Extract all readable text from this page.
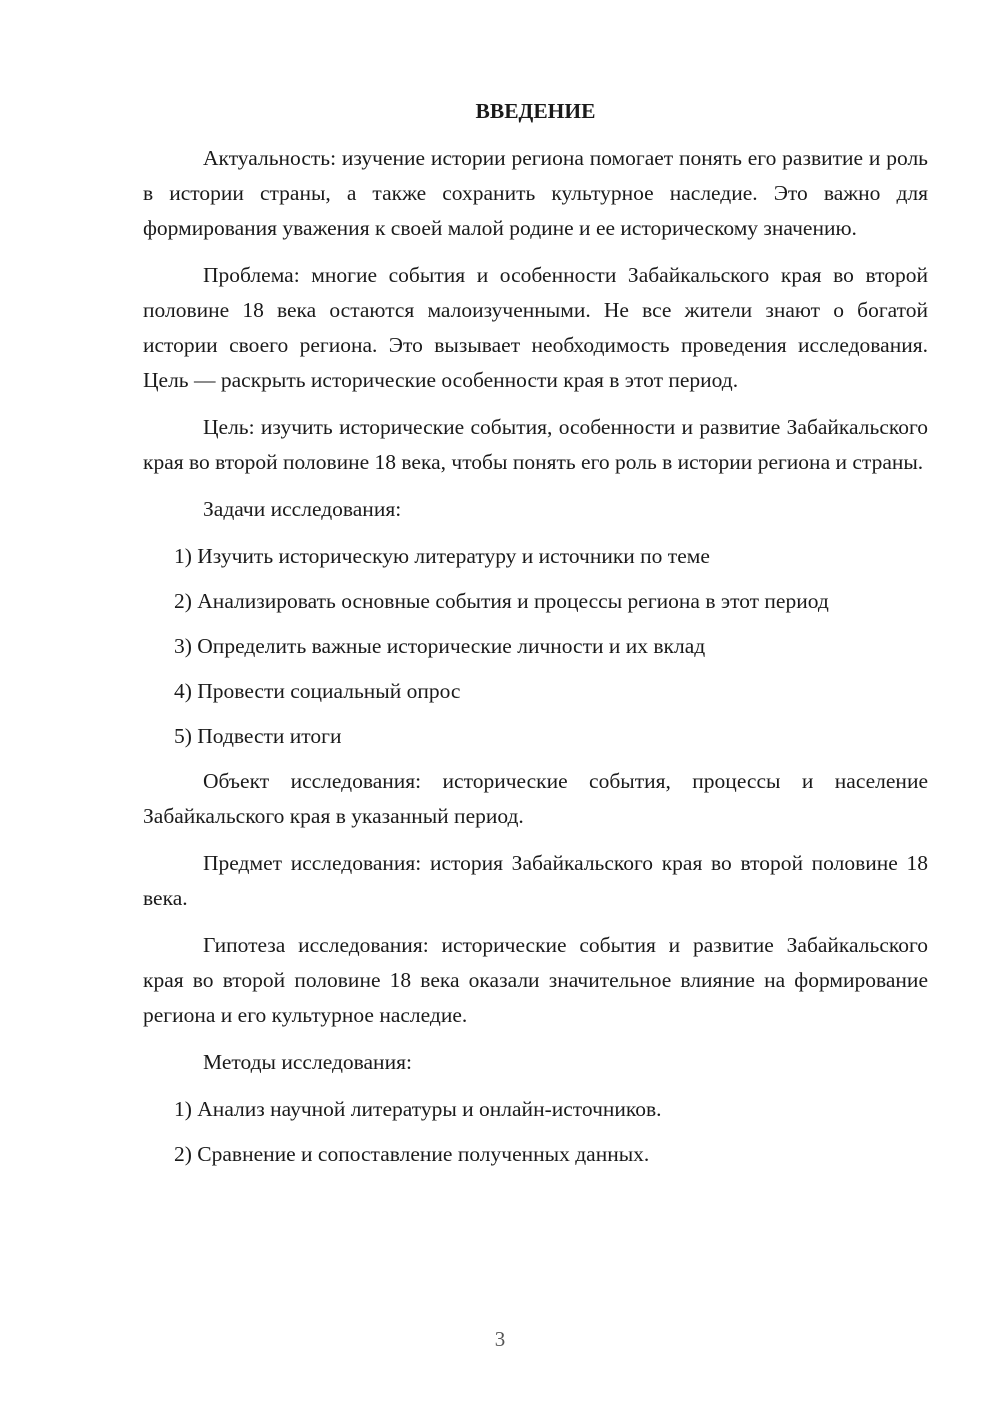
ВВЕДЕНИЕ
Актуальность: изучение истории региона помогает понять его развитие и роль в истории страны, а также сохранить культурное наследие. Это важно для формирования уважения к своей малой родине и ее историческому значению.
Проблема: многие события и особенности Забайкальского края во второй половине 18 века остаются малоизученными. Не все жители знают о богатой истории своего региона. Это вызывает необходимость проведения исследования. Цель — раскрыть исторические особенности края в этот период.
Цель: изучить исторические события, особенности и развитие Забайкальского края во второй половине 18 века, чтобы понять его роль в истории региона и страны.
Задачи исследования:
1) Изучить историческую литературу и источники по теме
2) Анализировать основные события и процессы региона в этот период
3) Определить важные исторические личности и их вклад
4) Провести социальный опрос
5) Подвести итоги
Объект исследования: исторические события, процессы и население Забайкальского края в указанный период.
Предмет исследования: история Забайкальского края во второй половине 18 века.
Гипотеза исследования: исторические события и развитие Забайкальского края во второй половине 18 века оказали значительное влияние на формирование региона и его культурное наследие.
Методы исследования:
1) Анализ научной литературы и онлайн-источников.
2) Сравнение и сопоставление полученных данных.
3
